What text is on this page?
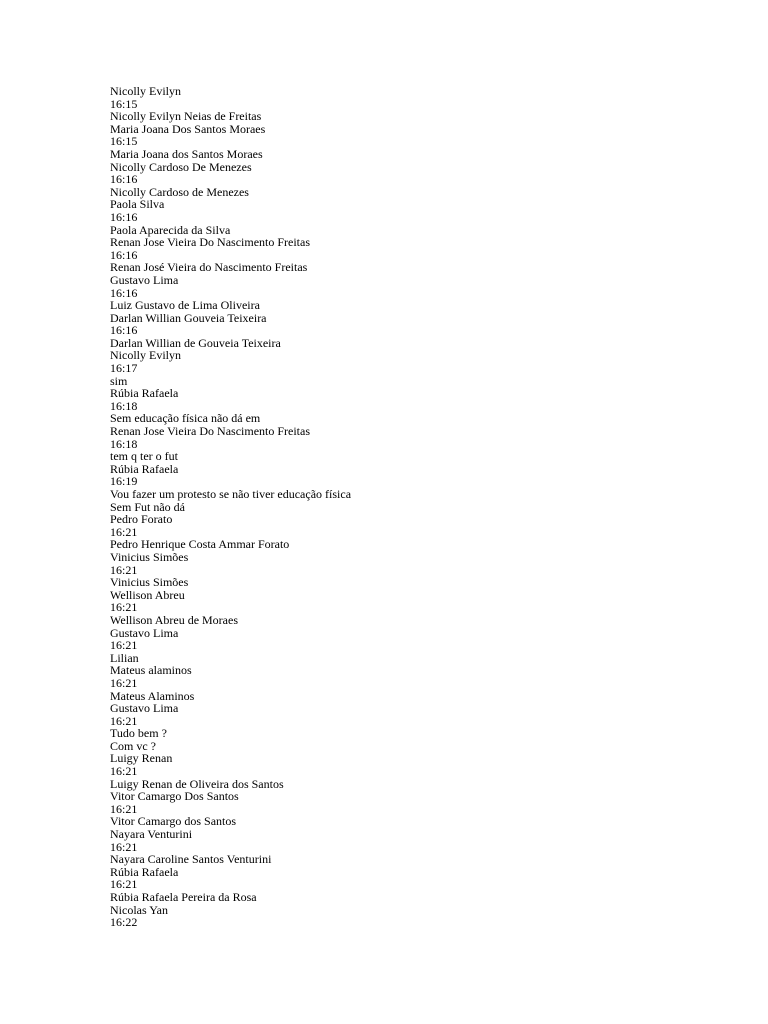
Nicolly Evilyn
16:15
Nicolly Evilyn Neias de Freitas
Maria Joana Dos Santos Moraes
16:15
Maria Joana dos Santos Moraes
Nicolly Cardoso De Menezes
16:16
Nicolly Cardoso de Menezes
Paola Silva
16:16
Paola Aparecida da Silva
Renan Jose Vieira Do Nascimento Freitas
16:16
Renan José Vieira do Nascimento Freitas
Gustavo Lima
16:16
Luiz Gustavo de Lima Oliveira
Darlan Willian Gouveia Teixeira
16:16
Darlan Willian de Gouveia Teixeira
Nicolly Evilyn
16:17
sim
Rúbia Rafaela
16:18
Sem educação física não dá em
Renan Jose Vieira Do Nascimento Freitas
16:18
tem q ter o fut
Rúbia Rafaela
16:19
Vou fazer um protesto se não tiver educação física
Sem Fut não dá
Pedro Forato
16:21
Pedro Henrique Costa Ammar Forato
Vinicius Simões
16:21
Vinicius Simões
Wellison Abreu
16:21
Wellison Abreu de Moraes
Gustavo Lima
16:21
Lilian
Mateus alaminos
16:21
Mateus Alaminos
Gustavo Lima
16:21
Tudo bem ?
Com vc ?
Luigy Renan
16:21
Luigy Renan de Oliveira dos Santos
Vitor Camargo Dos Santos
16:21
Vitor Camargo dos Santos
Nayara Venturini
16:21
Nayara Caroline Santos Venturini
Rúbia Rafaela
16:21
Rúbia Rafaela Pereira da Rosa
Nicolas Yan
16:22
